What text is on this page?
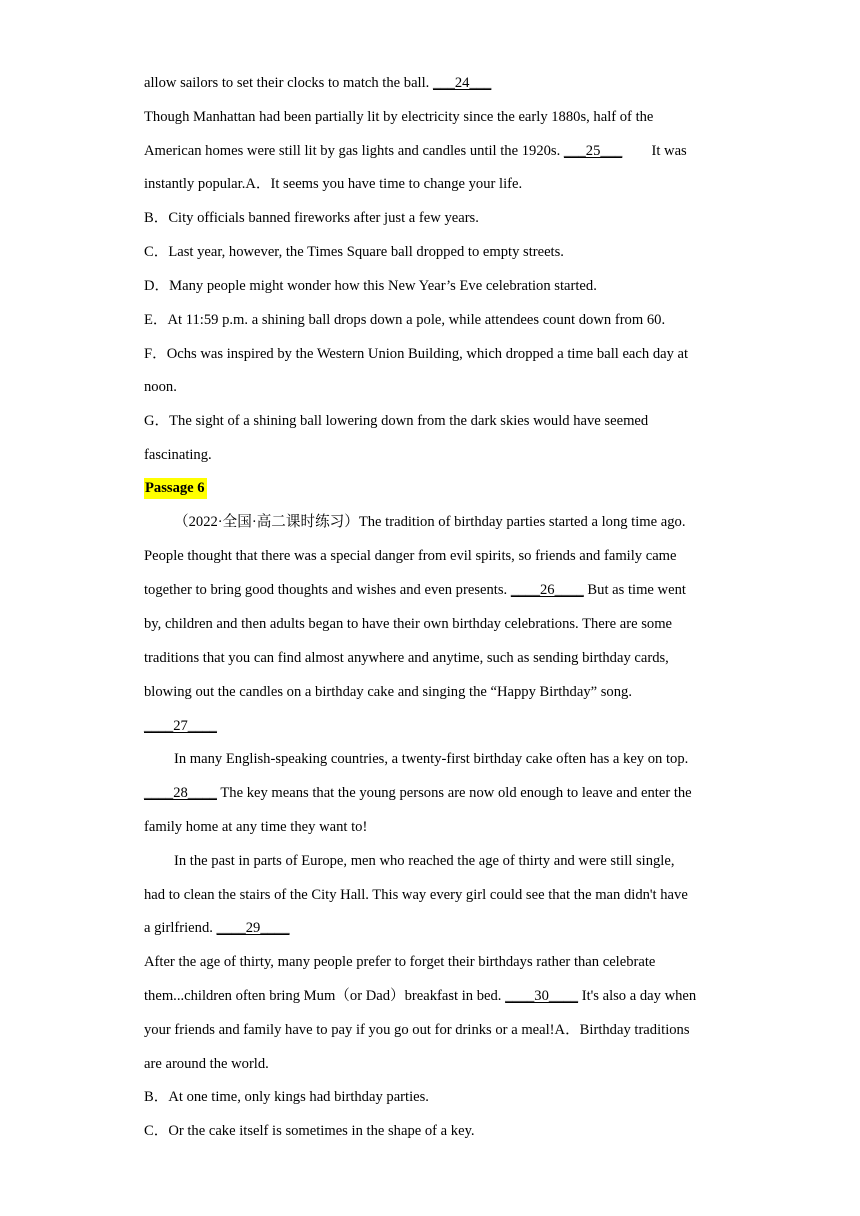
allow sailors to set their clocks to match the ball. ___24___
Though Manhattan had been partially lit by electricity since the early 1880s, half of the
American homes were still lit by gas lights and candles until the 1920s. ___25___        It was
instantly popular.A．It seems you have time to change your life.
B．City officials banned fireworks after just a few years.
C．Last year, however, the Times Square ball dropped to empty streets.
D．Many people might wonder how this New Year’s Eve celebration started.
E．At 11:59 p.m. a shining ball drops down a pole, while attendees count down from 60.
F．Ochs was inspired by the Western Union Building, which dropped a time ball each day at
noon.
G．The sight of a shining ball lowering down from the dark skies would have seemed
fascinating.
Passage 6
（2022·全国·高二课时练习）The tradition of birthday parties started a long time ago.
People thought that there was a special danger from evil spirits, so friends and family came
together to bring good thoughts and wishes and even presents. ____26____ But as time went
by, children and then adults began to have their own birthday celebrations. There are some
traditions that you can find almost anywhere and anytime, such as sending birthday cards,
blowing out the candles on a birthday cake and singing the “Happy Birthday” song.
____27____
In many English-speaking countries, a twenty-first birthday cake often has a key on top.
____28____ The key means that the young persons are now old enough to leave and enter the
family home at any time they want to!
In the past in parts of Europe, men who reached the age of thirty and were still single,
had to clean the stairs of the City Hall. This way every girl could see that the man didn't have
a girlfriend. ____29____
After the age of thirty, many people prefer to forget their birthdays rather than celebrate
them...children often bring Mum（or Dad）breakfast in bed. ____30____ It's also a day when
your friends and family have to pay if you go out for drinks or a meal!A．Birthday traditions
are around the world.
B．At one time, only kings had birthday parties.
C．Or the cake itself is sometimes in the shape of a key.
